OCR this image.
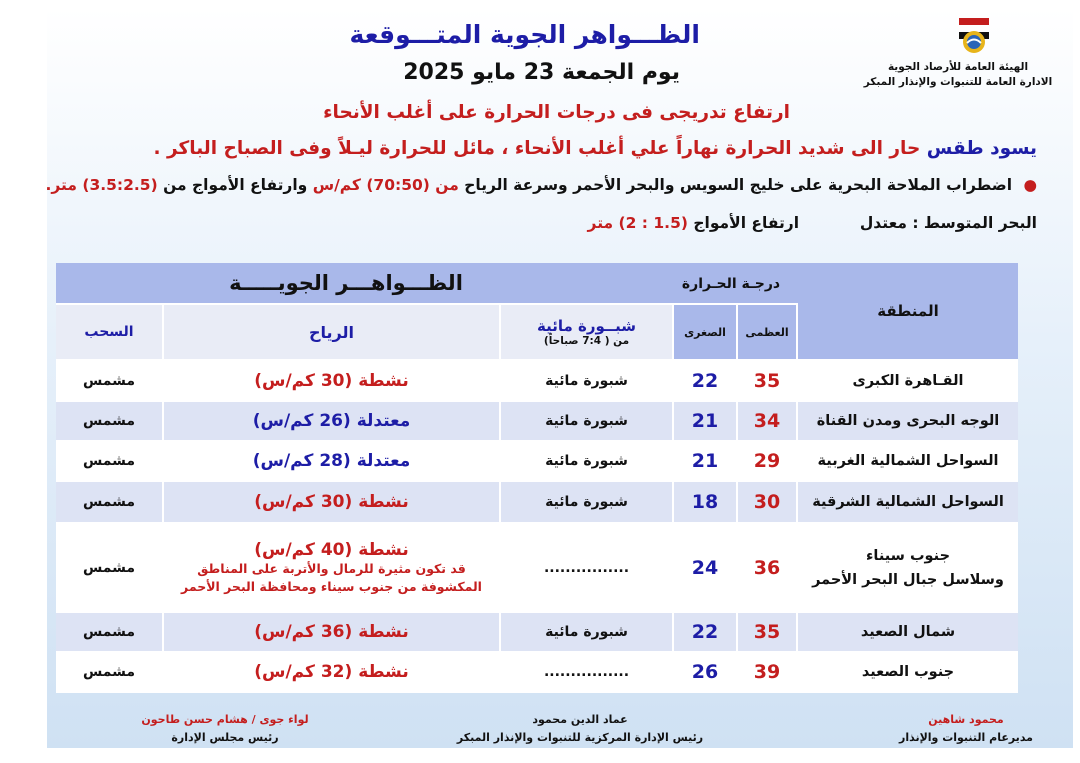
الظـــواهر الجوية المتـــوقعة
يوم الجمعة 23 مايو 2025	الهيئة العامة للأرصاد الجوية
الادارة العامة للتنبوات والإنذار المبكر
ارتفاع تدريجى فى درجات الحرارة على أغلب الأنحاء
يسود طقس حار الى شديد الحرارة نهاراً علي أغلب الأنحاء ، مائل للحرارة ليـلاً وفى الصباح الباكر .
● اضطراب الملاحة البحرية على خليج السويس والبحر الأحمر وسرعة الرياح من (70:50) كم/س وارتفاع الأمواج من (3.5:2.5) متر.
البحر المتوسط : معتدل  ارتفاع الأمواج (1.5 : 2) متر
الظـــواهـــر الجويـــــة	درجـة الحـرارة
المنطقة
العظمى
الصغرى
شبــورة مائية
من ( 7:4 صباحاً)
الرياح
السحب
القـاهرة الكبرى
35
22
شبورة مائية
نشطة (30 كم/س)
مشمس
الوجه البحرى ومدن القناة
34
21
شبورة مائية
معتدلة (26 كم/س)
مشمس
السواحل الشمالية الغربية
29
21
شبورة مائية
معتدلة (28 كم/س)
مشمس
السواحل الشمالية الشرقية
30
18
شبورة مائية
نشطة (30 كم/س)
مشمس
جنوب سيناء
وسلاسل جبال البحر الأحمر
36
24
................
نشطة (40 كم/س)
قد تكون مثيرة للرمال والأتربة على المناطق
المكشوفة من جنوب سيناء ومحافظة البحر الأحمر
مشمس
شمال الصعيد
35
22
شبورة مائية
نشطة (36 كم/س)
مشمس
جنوب الصعيد
39
26
................
نشطة (32 كم/س)
مشمس
محمود شاهين
مديرعام التنبوات والإنذار
عماد الدين محمود
رئيس الإدارة المركزية للتنبوات والإنذار المبكر
لواء جوى / هشام حسن طاحون
رئيس مجلس الإدارة
